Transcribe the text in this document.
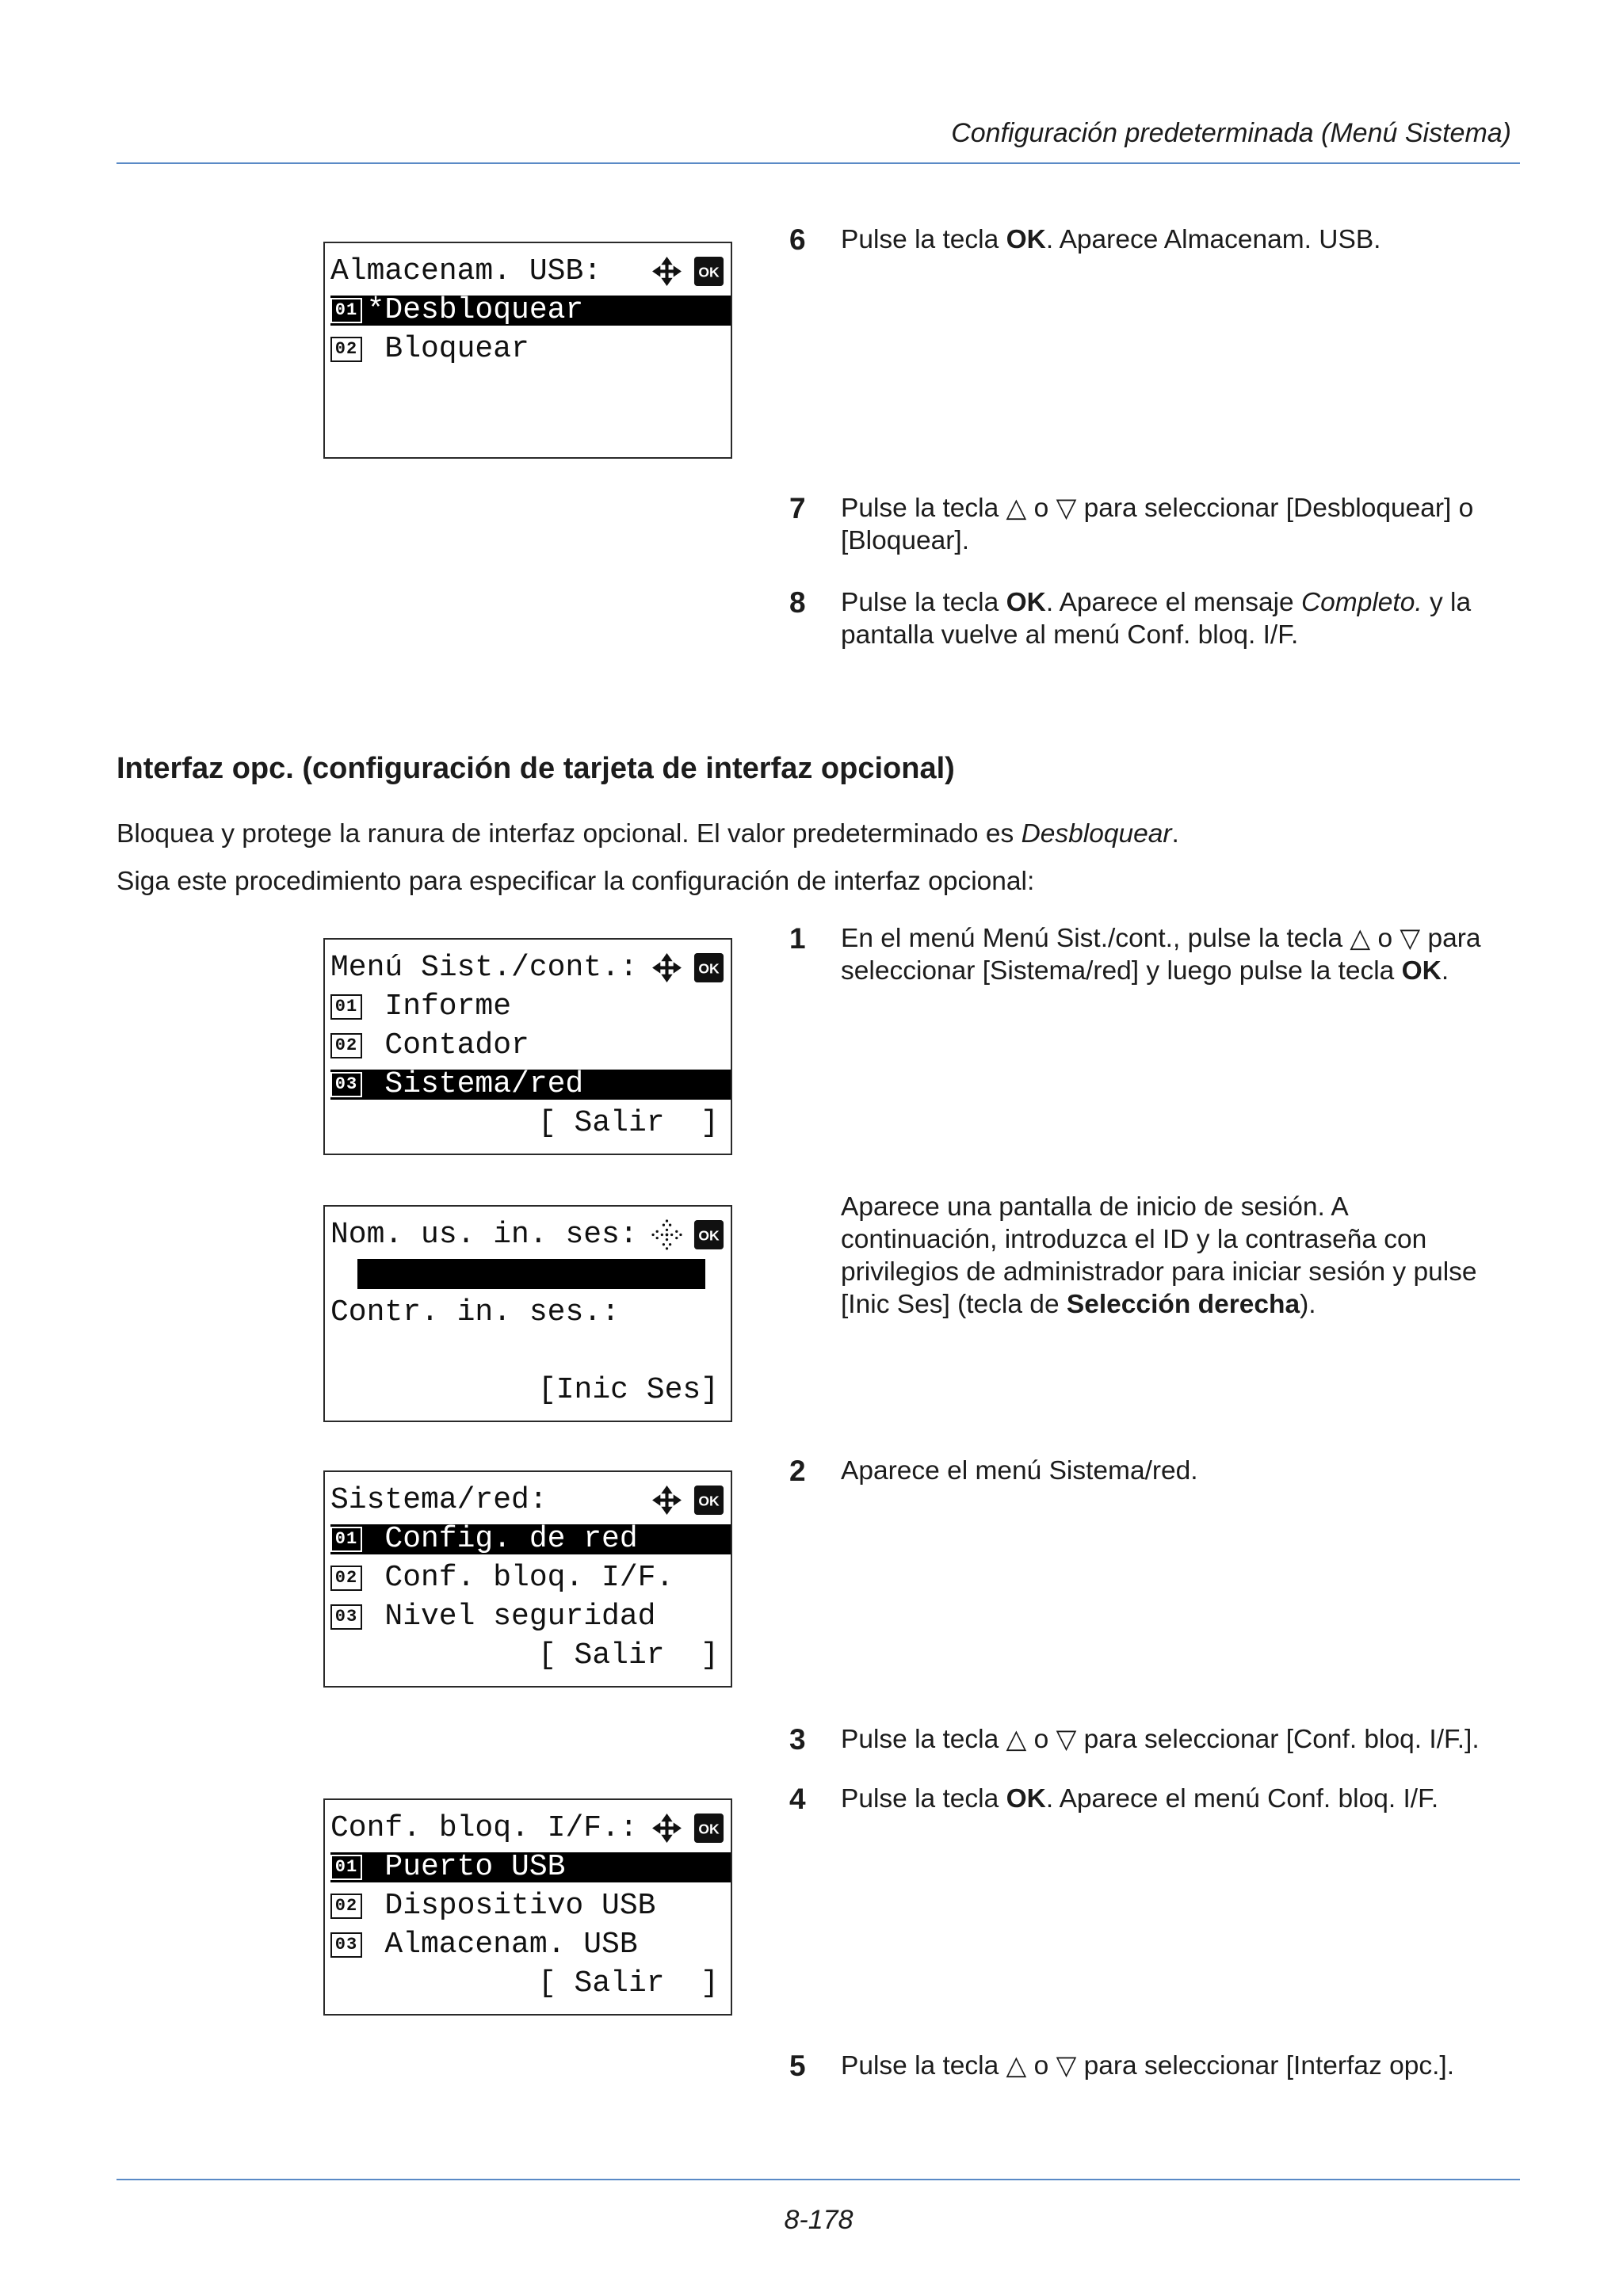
Configuración predeterminada (Menú Sistema)
Almacenam. USB:	OK
01 *Desbloquear
02 Bloquear
6 Pulse la tecla OK. Aparece Almacenam. USB.
7 Pulse la tecla △ o ▽ para seleccionar [Desbloquear] o
[Bloquear].
8 Pulse la tecla OK. Aparece el mensaje Completo. y la
pantalla vuelve al menú Conf. bloq. I/F.
Interfaz opc. (configuración de tarjeta de interfaz opcional)
Bloquea y protege la ranura de interfaz opcional. El valor predeterminado es Desbloquear.
Siga este procedimiento para especificar la configuración de interfaz opcional:
Menú Sist./cont.:	OK
01 Informe
02 Contador
03 Sistema/red
[ Salir  ]
1 En el menú Menú Sist./cont., pulse la tecla △ o ▽ para
seleccionar [Sistema/red] y luego pulse la tecla OK.
Nom. us. in. ses:	OK
Contr. in. ses.:
[Inic Ses]
Aparece una pantalla de inicio de sesión. A
continuación, introduzca el ID y la contraseña con
privilegios de administrador para iniciar sesión y pulse
[Inic Ses] (tecla de Selección derecha).
Sistema/red:	OK
01 Config. de red
02 Conf. bloq. I/F.
03 Nivel seguridad
[ Salir  ]
2 Aparece el menú Sistema/red.
3 Pulse la tecla △ o ▽ para seleccionar [Conf. bloq. I/F.].
4 Pulse la tecla OK. Aparece el menú Conf. bloq. I/F.
Conf. bloq. I/F.:	OK
01 Puerto USB
02 Dispositivo USB
03 Almacenam. USB
[ Salir  ]
5 Pulse la tecla △ o ▽ para seleccionar [Interfaz opc.].
8-178
